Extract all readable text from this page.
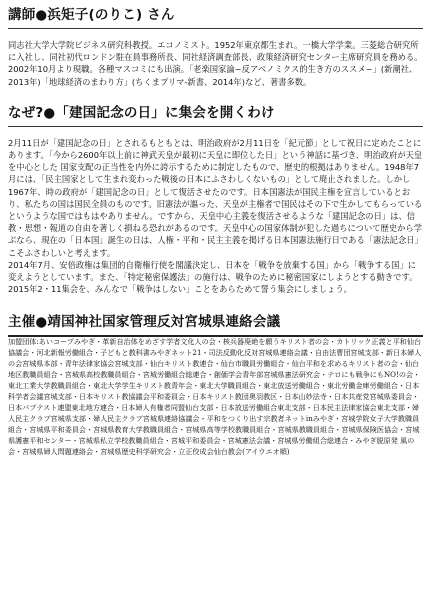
講師●浜矩子(のりこ) さん

同志社大学大学院ビジネス研究科教授。エコノミスト。1952年東京都生まれ。一橋大学学業。三菱総合研究所に入社し、同社初代ロンドン駐在員事務所長、同社経済調査部長、政策経済研究センター主席研究員を務める。2002年10月より現職。各種マスコミにも出演。「老楽国家論~反アベノミクス的生き方のススメ~」(新潮社、2013年)「地球経済のまわり方」(ちくまプリマ-新書、2014年)など、著書多数。

なぜ?●「建国記念の日」に集会を開くわけ

2月11日が「建国記念の日」とされるもともとは、明治政府が2月11日を「紀元節」として祝日に定めたことにあります。「今から2600年以上前に神武天皇が最初に天皇に即位した日」という神話に基づき、明治政府が天皇を中心とした 国家支配の正当性を内外に誇示するために制定したもので、歴史的根拠はありません。1948年7月には、「民主国家として生まれ変わった戦後の日本にふさわしくないもの」として廃止されました。しかし1967年、時の政府が「建国記念の日」として復活させたのです。日本国憲法が国民主権を宣言しているとおり、私たちの国は国民全員のものです。旧憲法が謳った、天皇が主権者で国民はその下で生かしてもらっているというような国ではもはやありません。ですから、天皇中心主義を復活させるような「建国記念の日」は、信教・思想・報道の自由を著しく損ねる恐れがあるのです。天皇中心の国家体制が犯した過ちについて歴史から学ぶなら、現在の「日本国」誕生の日は、人権・平和・民主主義を掲げる日本国憲法施行日である「憲法記念日」こそふさわしいと考えます。
2014年7月、安倍政権は集団的自衛権行使を閣議決定し、日本を「戦争を放棄する国」から「戦争する国」に変えようとしています。また、「特定秘密保護法」の施行は、戦争のために秘密国家にしようとする動きです。2015年2・11集会を、みんなで「戦争はしない」ことをあらためて誓う集会にしましょう。

主催●靖国神社国家管理反対宮城県連絡会議

加盟団体:あいコープみやぎ・革新自治体をめざす学者文化人の会・核兵器廃絶を願うキリスト者の会・カトリック正義と平和仙台協議会・河北新報労働組合・子どもと教科書みやぎネット21・司法反動化反対宮城県連絡会議・自由法曹団宮城支部・新日本婦人の会宮城県本部・青年法律家協会宮城支部・仙台キリスト教連合・仙台市職員労働組合・仙台平和を求めるキリスト者の会・仙台地区教職員組合・宮城県高校教職員組合・宮城労働組合総連合・創価学会青年部宮城県憲法研究会・テロにも戦争にもNO!の会・東北工業大学教職員組合・東北大学学生キリスト教青年会・東北大学職員組合・東北放送労働組合・東北労働金庫労働組合・日本科学者会議宮城支部・日本キリスト教協議会平和委員会・日本キリスト教団奥羽教区・日本山妙法寺・日本共産党宮城県委員会・日本バプテスト連盟東北地方連合・日本婦人有権者同盟仙台支部・日本放送労働組合東北支部・日本民主法律家協会東北支部・婦人民主クラブ宮城県支部・婦人民主クラブ宮城県連絡協議会・平和をつくり出す宗教者ネットinみやぎ・宮城学院女子大学教職員組合・宮城県平和委員会・宮城県教育大学教職員組合・宮城県高等学校教職員組合・宮城県教職員組合・宮城県保険医協会・宮城県護憲平和センター・宮城県私立学校教職員組合・宮城平和委員会・宮城憲法会議・宮城県労働組合総連合・みやぎ脱原発 風の会・宮城県婦人問題連絡会・宮城県歴史科学研究会・立正佼成会仙台教会(アイウエオ順)
